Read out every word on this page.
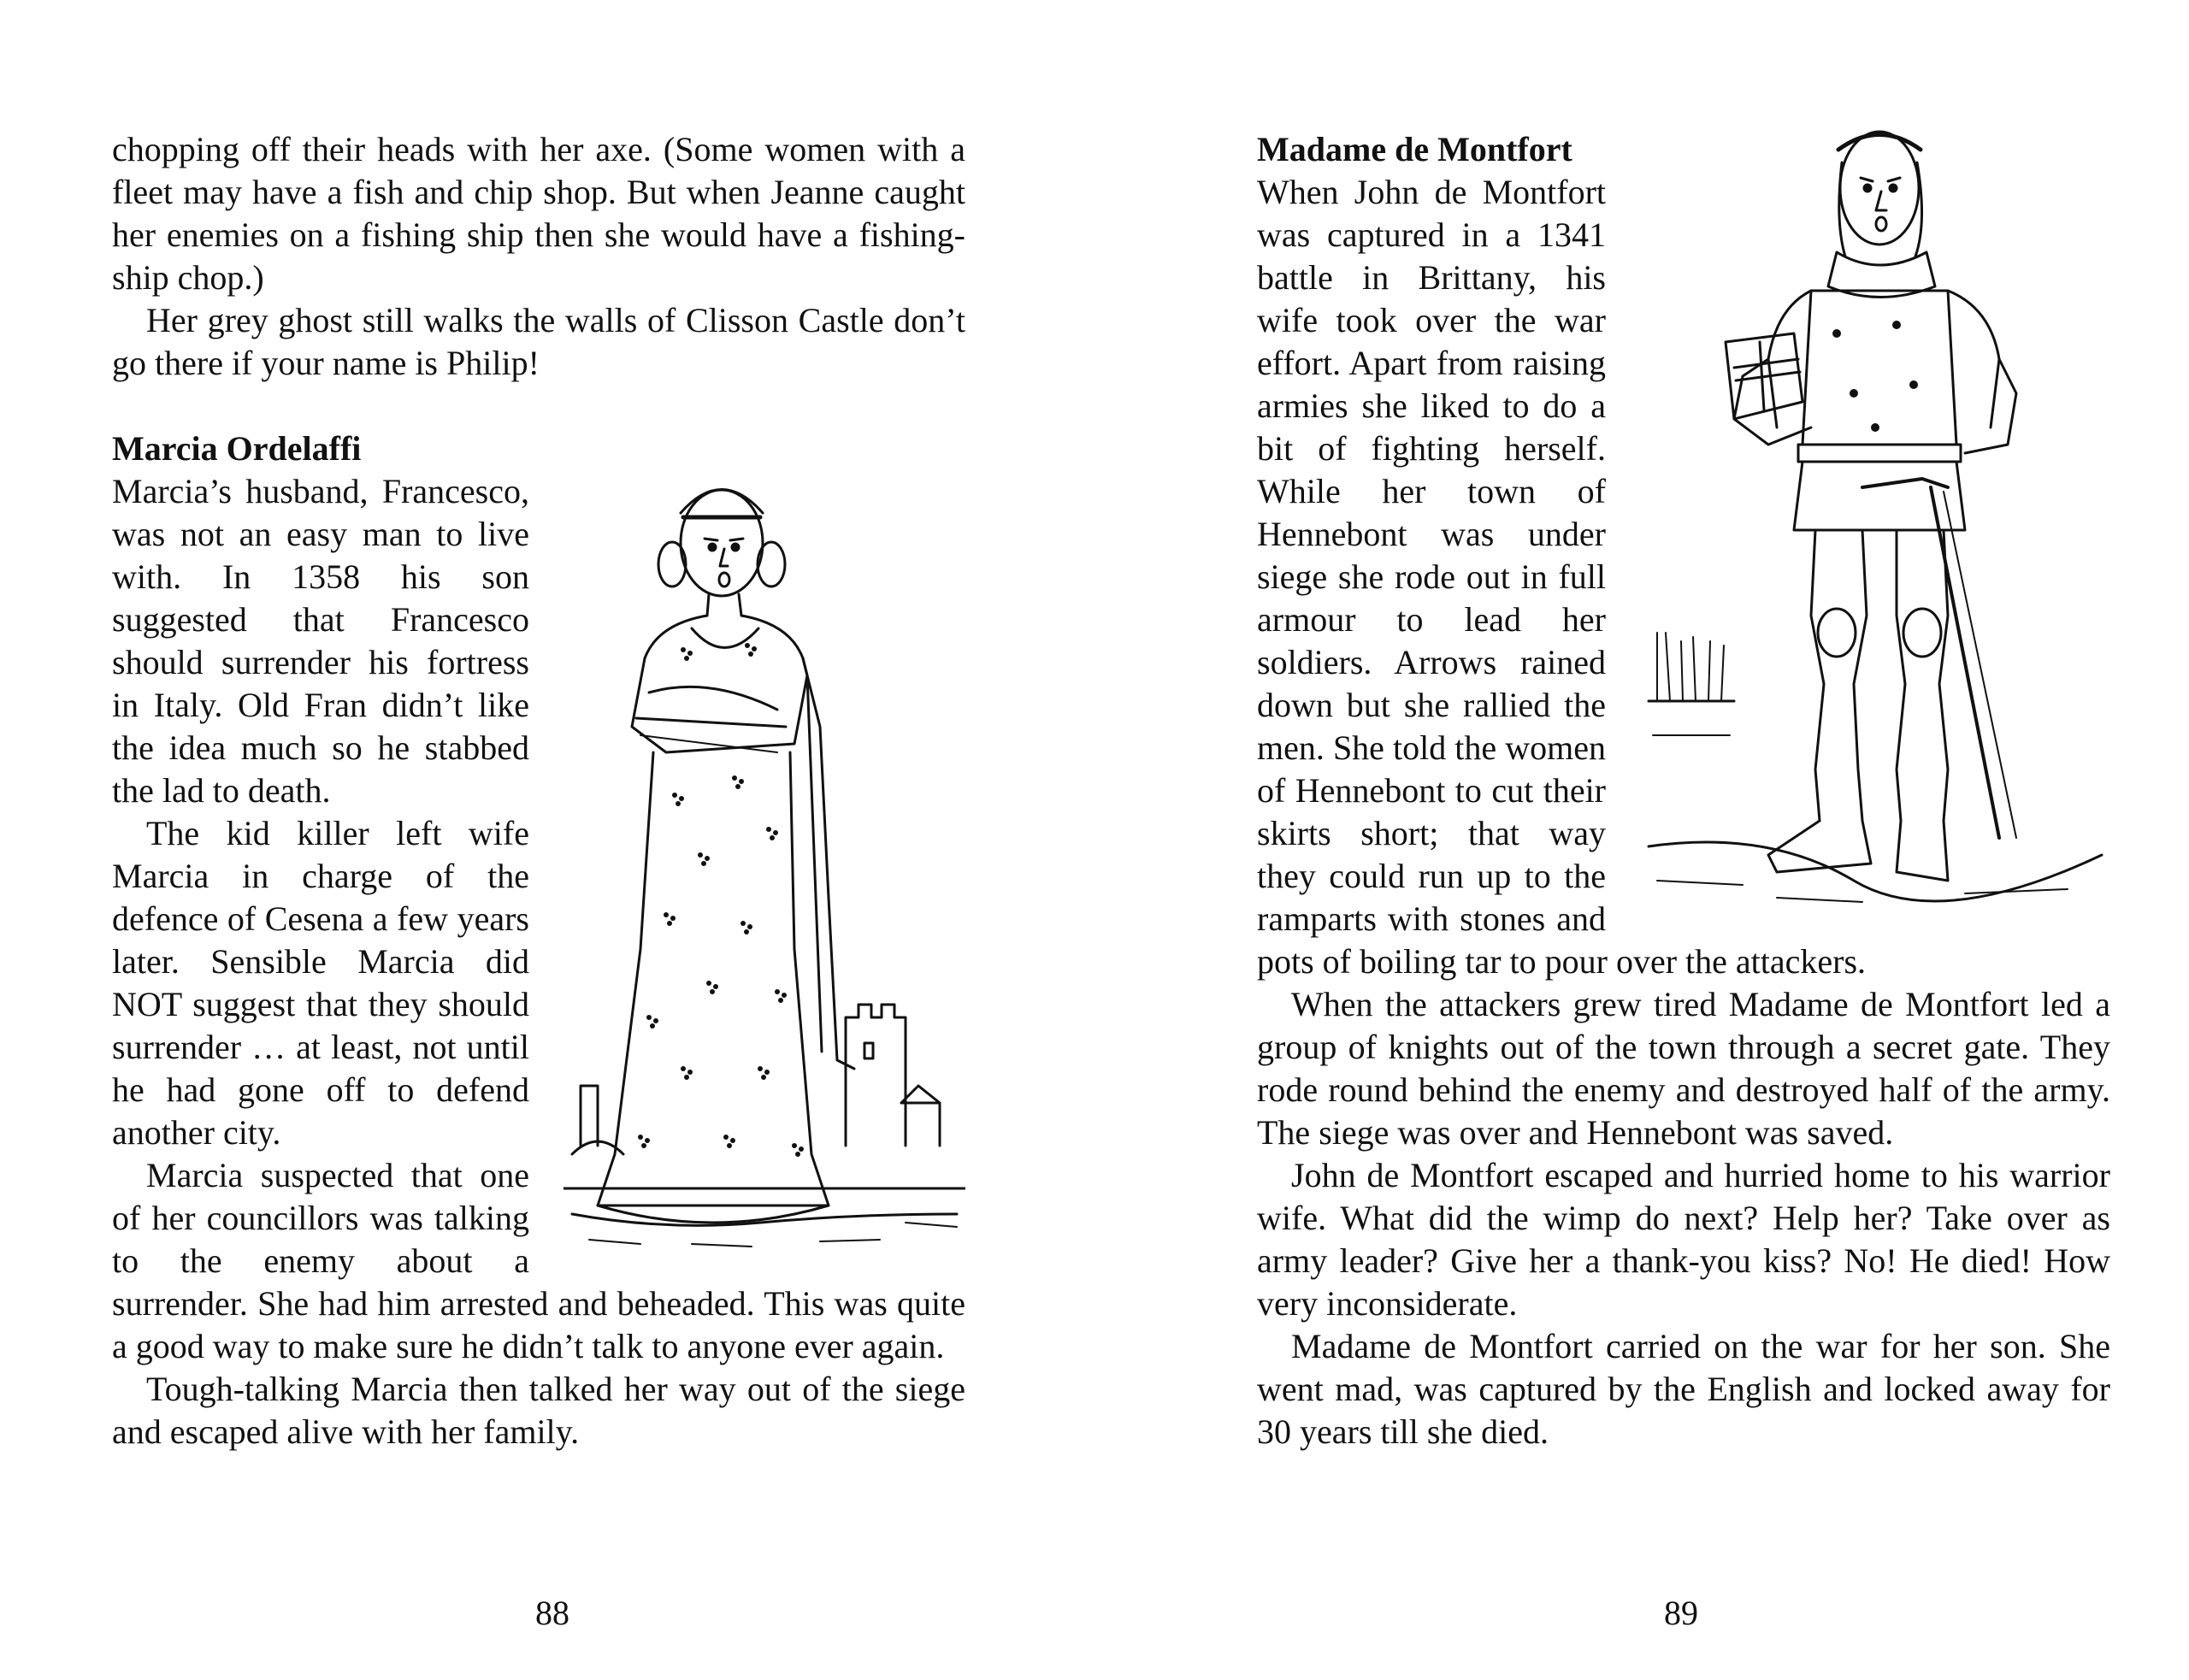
chopping off their heads with her axe. (Some women with a fleet may have a fish and chip shop. But when Jeanne caught her enemies on a fishing ship then she would have a fishing-ship chop.)

Her grey ghost still walks the walls of Clisson Castle don’t go there if your name is Philip!

Marcia Ordelaffi

Marcia’s husband, Francesco, was not an easy man to live with. In 1358 his son suggested that Francesco should surrender his fortress in Italy. Old Fran didn’t like the idea much so he stabbed the lad to death.

The kid killer left wife Marcia in charge of the defence of Cesena a few years later. Sensible Marcia did NOT suggest that they should surrender … at least, not until he had gone off to defend another city.

Marcia suspected that one of her councillors was talking to the enemy about a surrender. She had him arrested and beheaded. This was quite a good way to make sure he didn’t talk to anyone ever again.

Tough-talking Marcia then talked her way out of the siege and escaped alive with her family.

88
Madame de Montfort

When John de Montfort was captured in a 1341 battle in Brittany, his wife took over the war effort. Apart from raising armies she liked to do a bit of fighting herself. While her town of Hennebont was under siege she rode out in full armour to lead her soldiers. Arrows rained down but she rallied the men. She told the women of Hennebont to cut their skirts short; that way they could run up to the ramparts with stones and pots of boiling tar to pour over the attackers.

When the attackers grew tired Madame de Montfort led a group of knights out of the town through a secret gate. They rode round behind the enemy and destroyed half of the army. The siege was over and Hennebont was saved.

John de Montfort escaped and hurried home to his warrior wife. What did the wimp do next? Help her? Take over as army leader? Give her a thank-you kiss? No! He died! How very inconsiderate.

Madame de Montfort carried on the war for her son. She went mad, was captured by the English and locked away for 30 years till she died.

89
